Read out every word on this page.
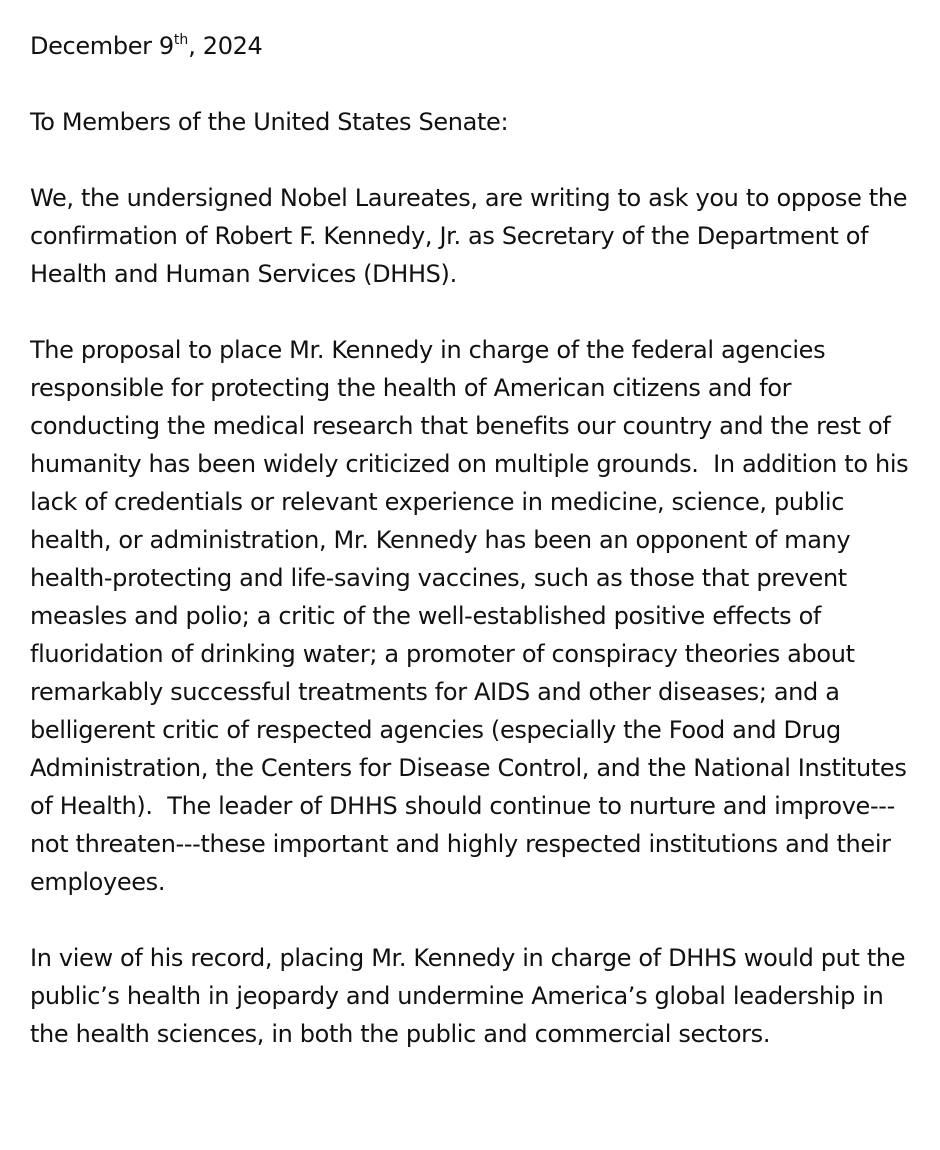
December 9th, 2024

To Members of the United States Senate:

We, the undersigned Nobel Laureates, are writing to ask you to oppose the confirmation of Robert F. Kennedy, Jr. as Secretary of the Department of Health and Human Services (DHHS).

The proposal to place Mr. Kennedy in charge of the federal agencies responsible for protecting the health of American citizens and for conducting the medical research that benefits our country and the rest of humanity has been widely criticized on multiple grounds.  In addition to his lack of credentials or relevant experience in medicine, science, public health, or administration, Mr. Kennedy has been an opponent of many health-protecting and life-saving vaccines, such as those that prevent measles and polio; a critic of the well-established positive effects of fluoridation of drinking water; a promoter of conspiracy theories about remarkably successful treatments for AIDS and other diseases; and a belligerent critic of respected agencies (especially the Food and Drug Administration, the Centers for Disease Control, and the National Institutes of Health).  The leader of DHHS should continue to nurture and improve--- not threaten---these important and highly respected institutions and their employees.

In view of his record, placing Mr. Kennedy in charge of DHHS would put the public’s health in jeopardy and undermine America’s global leadership in the health sciences, in both the public and commercial sectors.
